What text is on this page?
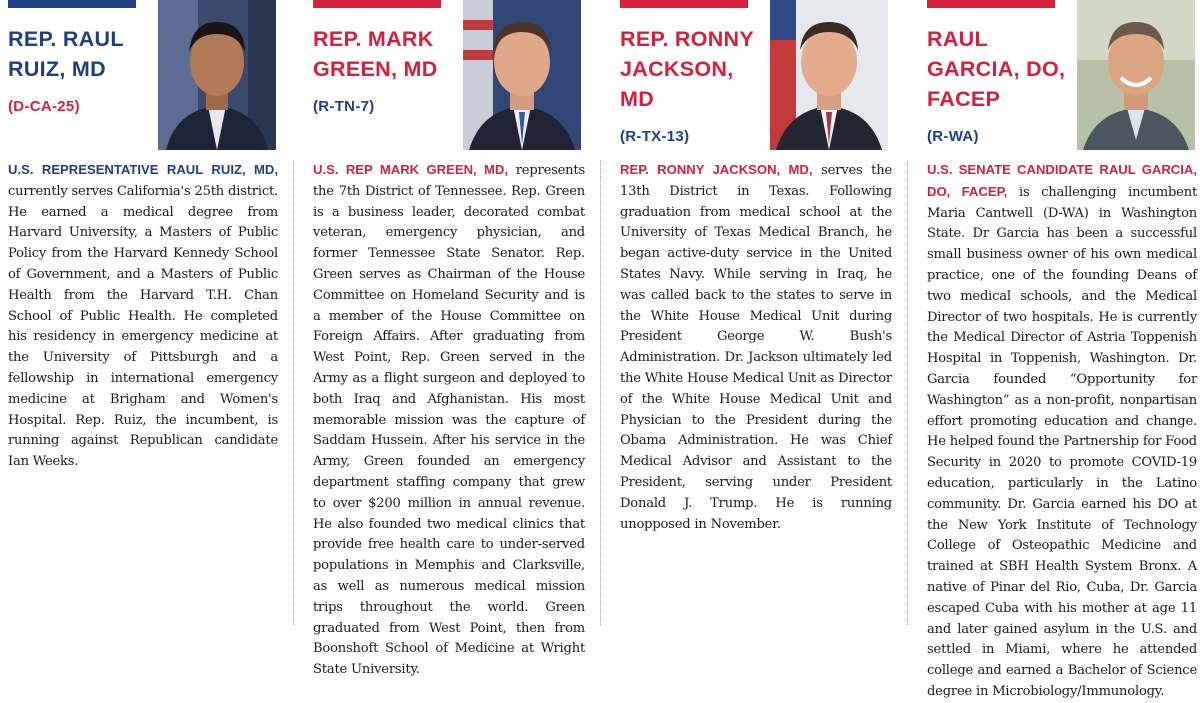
REP. RAUL RUIZ, MD
(D-CA-25)

U.S. REPRESENTATIVE RAUL RUIZ, MD, currently serves California's 25th district. He earned a medical degree from Harvard University, a Masters of Public Policy from the Harvard Kennedy School of Government, and a Masters of Public Health from the Harvard T.H. Chan School of Public Health. He completed his residency in emergency medicine at the University of Pittsburgh and a fellowship in international emergency medicine at Brigham and Women's Hospital. Rep. Ruiz, the incumbent, is running against Republican candidate Ian Weeks.

REP. MARK GREEN, MD
(R-TN-7)

U.S. REP MARK GREEN, MD, represents the 7th District of Tennessee. Rep. Green is a business leader, decorated combat veteran, emergency physician, and former Tennessee State Senator. Rep. Green serves as Chairman of the House Committee on Homeland Security and is a member of the House Committee on Foreign Affairs. After graduating from West Point, Rep. Green served in the Army as a flight surgeon and deployed to both Iraq and Afghanistan. His most memorable mission was the capture of Saddam Hussein. After his service in the Army, Green founded an emergency department staffing company that grew to over $200 million in annual revenue. He also founded two medical clinics that provide free health care to under-served populations in Memphis and Clarksville, as well as numerous medical mission trips throughout the world. Green graduated from West Point, then from Boonshoft School of Medicine at Wright State University.

REP. RONNY JACKSON, MD
(R-TX-13)

REP. RONNY JACKSON, MD, serves the 13th District in Texas. Following graduation from medical school at the University of Texas Medical Branch, he began active-duty service in the United States Navy. While serving in Iraq, he was called back to the states to serve in the White House Medical Unit during President George W. Bush's Administration. Dr. Jackson ultimately led the White House Medical Unit as Director of the White House Medical Unit and Physician to the President during the Obama Administration. He was Chief Medical Advisor and Assistant to the President, serving under President Donald J. Trump. He is running unopposed in November.

RAUL GARCIA, DO, FACEP
(R-WA)

U.S. SENATE CANDIDATE RAUL GARCIA, DO, FACEP, is challenging incumbent Maria Cantwell (D-WA) in Washington State. Dr Garcia has been a successful small business owner of his own medical practice, one of the founding Deans of two medical schools, and the Medical Director of two hospitals. He is currently the Medical Director of Astria Toppenish Hospital in Toppenish, Washington. Dr. Garcia founded “Opportunity for Washington” as a non-profit, nonpartisan effort promoting education and change. He helped found the Partnership for Food Security in 2020 to promote COVID-19 education, particularly in the Latino community. Dr. Garcia earned his DO at the New York Institute of Technology College of Osteopathic Medicine and trained at SBH Health System Bronx. A native of Pinar del Rio, Cuba, Dr. Garcia escaped Cuba with his mother at age 11 and later gained asylum in the U.S. and settled in Miami, where he attended college and earned a Bachelor of Science degree in Microbiology/Immunology.
